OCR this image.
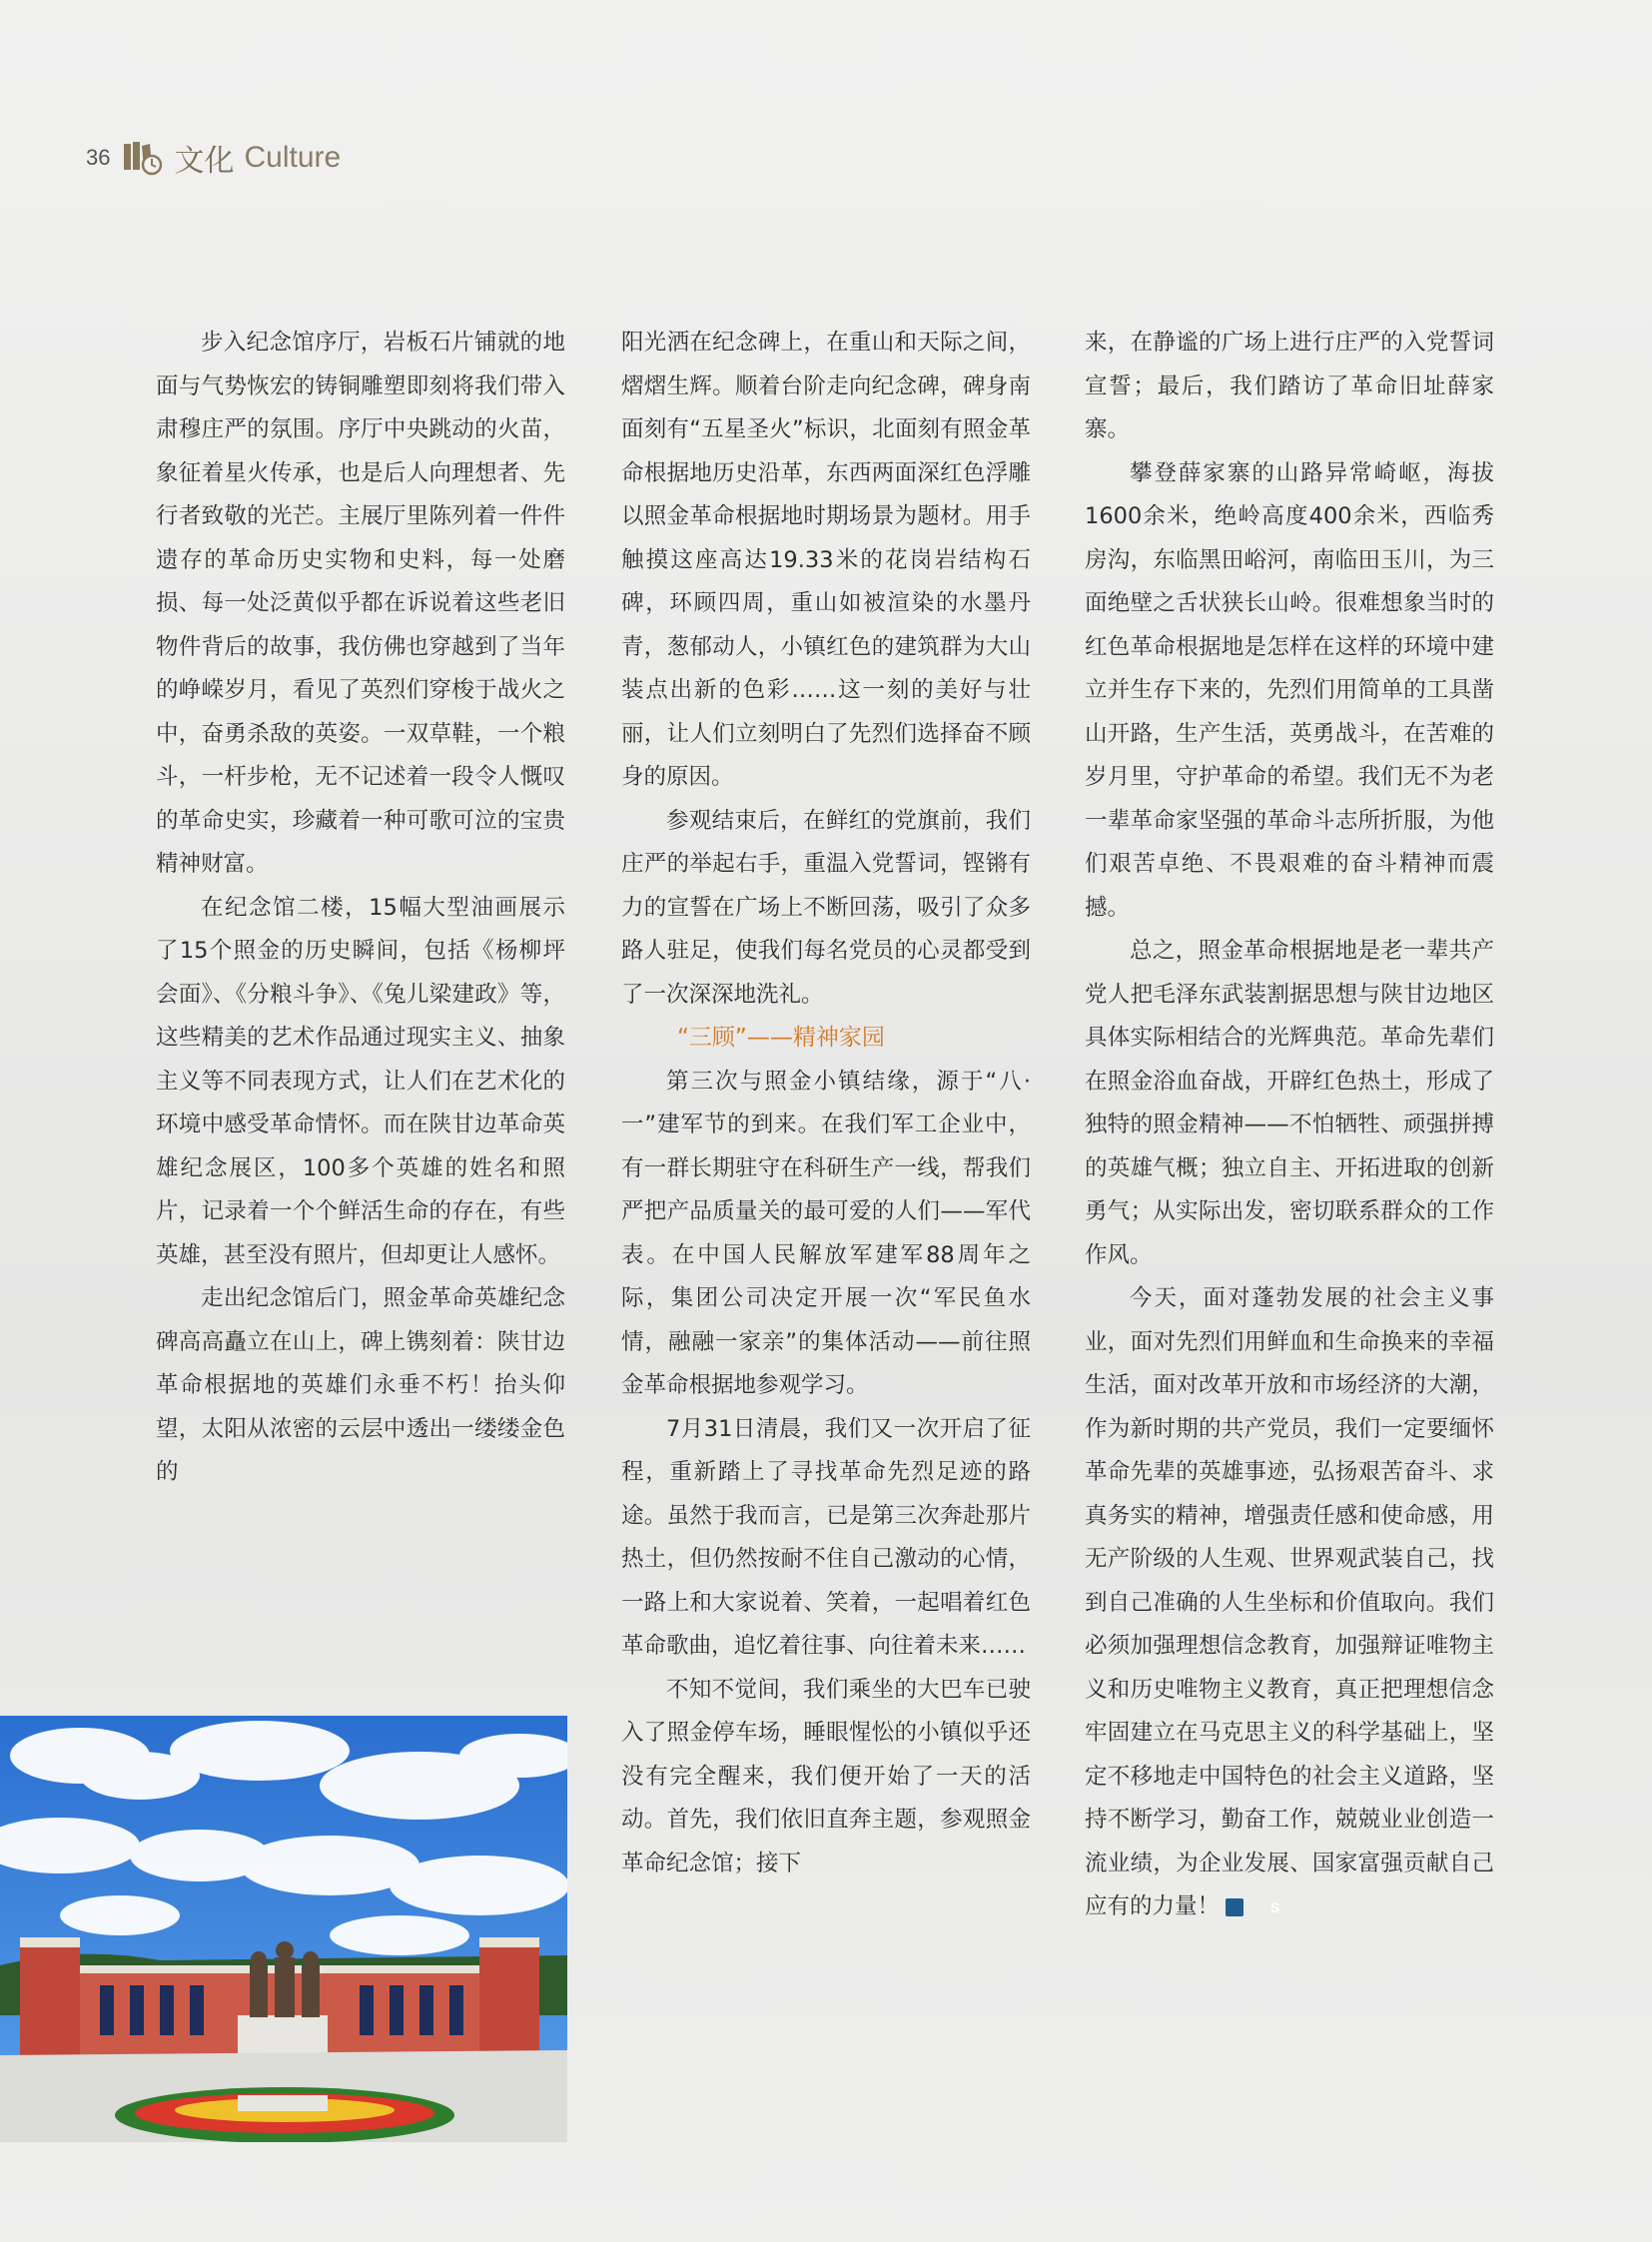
36 文化 Culture

步入纪念馆序厅，岩板石片铺就的地面与气势恢宏的铸铜雕塑即刻将我们带入肃穆庄严的氛围。序厅中央跳动的火苗，象征着星火传承，也是后人向理想者、先行者致敬的光芒。主展厅里陈列着一件件遗存的革命历史实物和史料，每一处磨损、每一处泛黄似乎都在诉说着这些老旧物件背后的故事，我仿佛也穿越到了当年的峥嵘岁月，看见了英烈们穿梭于战火之中，奋勇杀敌的英姿。一双草鞋，一个粮斗，一杆步枪，无不记述着一段令人慨叹的革命史实，珍藏着一种可歌可泣的宝贵精神财富。

在纪念馆二楼，15幅大型油画展示了15个照金的历史瞬间，包括《杨柳坪会面》、《分粮斗争》、《兔儿梁建政》等，这些精美的艺术作品通过现实主义、抽象主义等不同表现方式，让人们在艺术化的环境中感受革命情怀。而在陕甘边革命英雄纪念展区，100多个英雄的姓名和照片，记录着一个个鲜活生命的存在，有些英雄，甚至没有照片，但却更让人感怀。

走出纪念馆后门，照金革命英雄纪念碑高高矗立在山上，碑上镌刻着：陕甘边革命根据地的英雄们永垂不朽！抬头仰望，太阳从浓密的云层中透出一缕缕金色的

阳光洒在纪念碑上，在重山和天际之间，熠熠生辉。顺着台阶走向纪念碑，碑身南面刻有“五星圣火”标识，北面刻有照金革命根据地历史沿革，东西两面深红色浮雕以照金革命根据地时期场景为题材。用手触摸这座高达19.33米的花岗岩结构石碑，环顾四周，重山如被渲染的水墨丹青，葱郁动人，小镇红色的建筑群为大山装点出新的色彩……这一刻的美好与壮丽，让人们立刻明白了先烈们选择奋不顾身的原因。

参观结束后，在鲜红的党旗前，我们庄严的举起右手，重温入党誓词，铿锵有力的宣誓在广场上不断回荡，吸引了众多路人驻足，使我们每名党员的心灵都受到了一次深深地洗礼。

“三顾”——精神家园

第三次与照金小镇结缘，源于“八·一”建军节的到来。在我们军工企业中，有一群长期驻守在科研生产一线，帮我们严把产品质量关的最可爱的人们——军代表。在中国人民解放军建军88周年之际，集团公司决定开展一次“军民鱼水情，融融一家亲”的集体活动——前往照金革命根据地参观学习。

7月31日清晨，我们又一次开启了征程，重新踏上了寻找革命先烈足迹的路途。虽然于我而言，已是第三次奔赴那片热土，但仍然按耐不住自己激动的心情，一路上和大家说着、笑着，一起唱着红色革命歌曲，追忆着往事、向往着未来……

不知不觉间，我们乘坐的大巴车已驶入了照金停车场，睡眼惺忪的小镇似乎还没有完全醒来，我们便开始了一天的活动。首先，我们依旧直奔主题，参观照金革命纪念馆；接下

来，在静谧的广场上进行庄严的入党誓词宣誓；最后，我们踏访了革命旧址薛家寨。

攀登薛家寨的山路异常崎岖，海拔1600余米，绝岭高度400余米，西临秀房沟，东临黑田峪河，南临田玉川，为三面绝壁之舌状狭长山岭。很难想象当时的红色革命根据地是怎样在这样的环境中建立并生存下来的，先烈们用简单的工具凿山开路，生产生活，英勇战斗，在苦难的岁月里，守护革命的希望。我们无不为老一辈革命家坚强的革命斗志所折服，为他们艰苦卓绝、不畏艰难的奋斗精神而震撼。

总之，照金革命根据地是老一辈共产党人把毛泽东武装割据思想与陕甘边地区具体实际相结合的光辉典范。革命先辈们在照金浴血奋战，开辟红色热土，形成了独特的照金精神——不怕牺牲、顽强拼搏的英雄气概；独立自主、开拓进取的创新勇气；从实际出发，密切联系群众的工作作风。

今天，面对蓬勃发展的社会主义事业，面对先烈们用鲜血和生命换来的幸福生活，面对改革开放和市场经济的大潮，作为新时期的共产党员，我们一定要缅怀革命先辈的英雄事迹，弘扬艰苦奋斗、求真务实的精神，增强责任感和使命感，用无产阶级的人生观、世界观武装自己，找到自己准确的人生坐标和价值取向。我们必须加强理想信念教育，加强辩证唯物主义和历史唯物主义教育，真正把理想信念牢固建立在马克思主义的科学基础上，坚定不移地走中国特色的社会主义道路，坚持不断学习，勤奋工作，兢兢业业创造一流业绩，为企业发展、国家富强贡献自己应有的力量！	S
